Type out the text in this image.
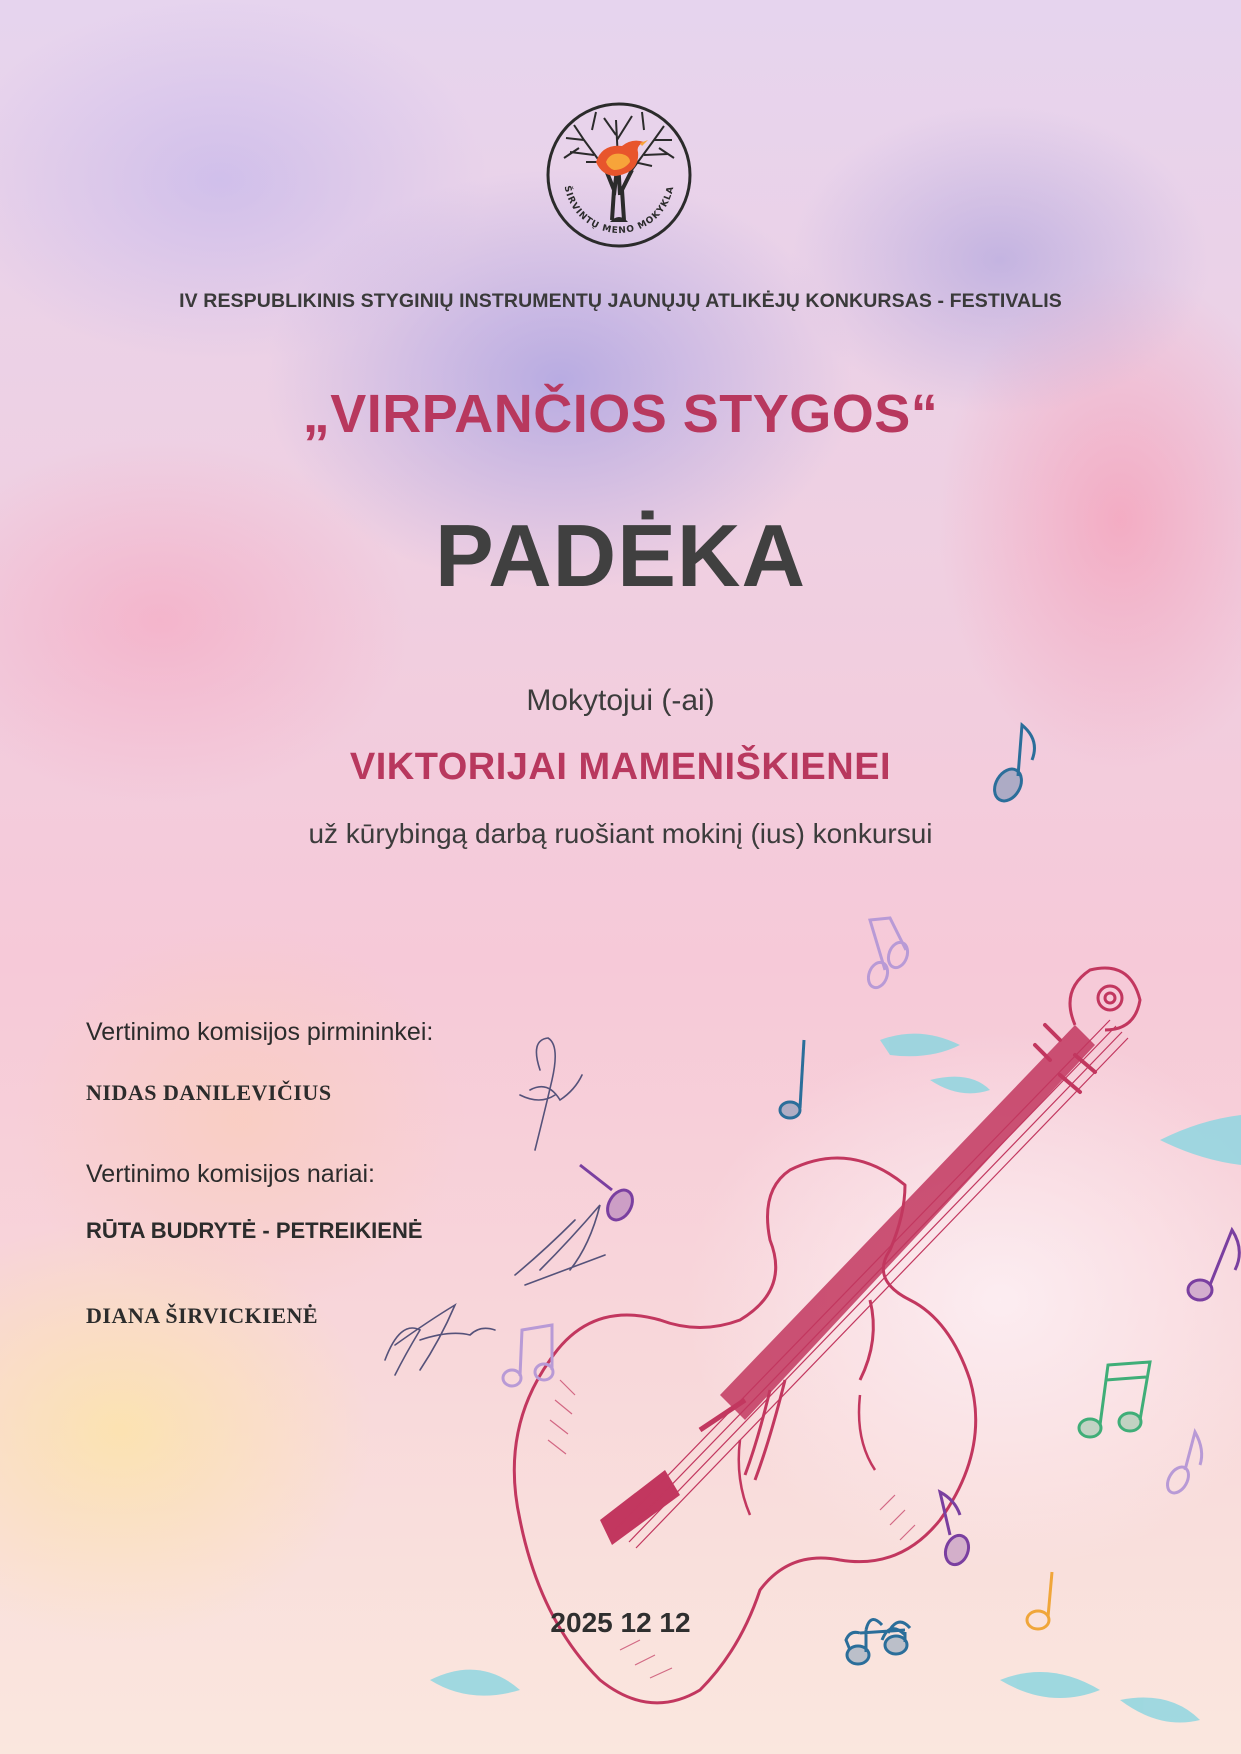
ŠIRVINTŲ MENO MOKYKLA
IV RESPUBLIKINIS STYGINIŲ INSTRUMENTŲ JAUNŲJŲ ATLIKĖJŲ KONKURSAS - FESTIVALIS
„VIRPANČIOS STYGOS“
PADĖKA
Mokytojui (-ai)
VIKTORIJAI MAMENIŠKIENEI
už kūrybingą darbą ruošiant mokinį (ius) konkursui
Vertinimo komisijos pirmininkei:
NIDAS DANILEVIČIUS
Vertinimo komisijos nariai:
RŪTA BUDRYTĖ - PETREIKIENĖ
DIANA ŠIRVICKIENĖ
2025 12 12
